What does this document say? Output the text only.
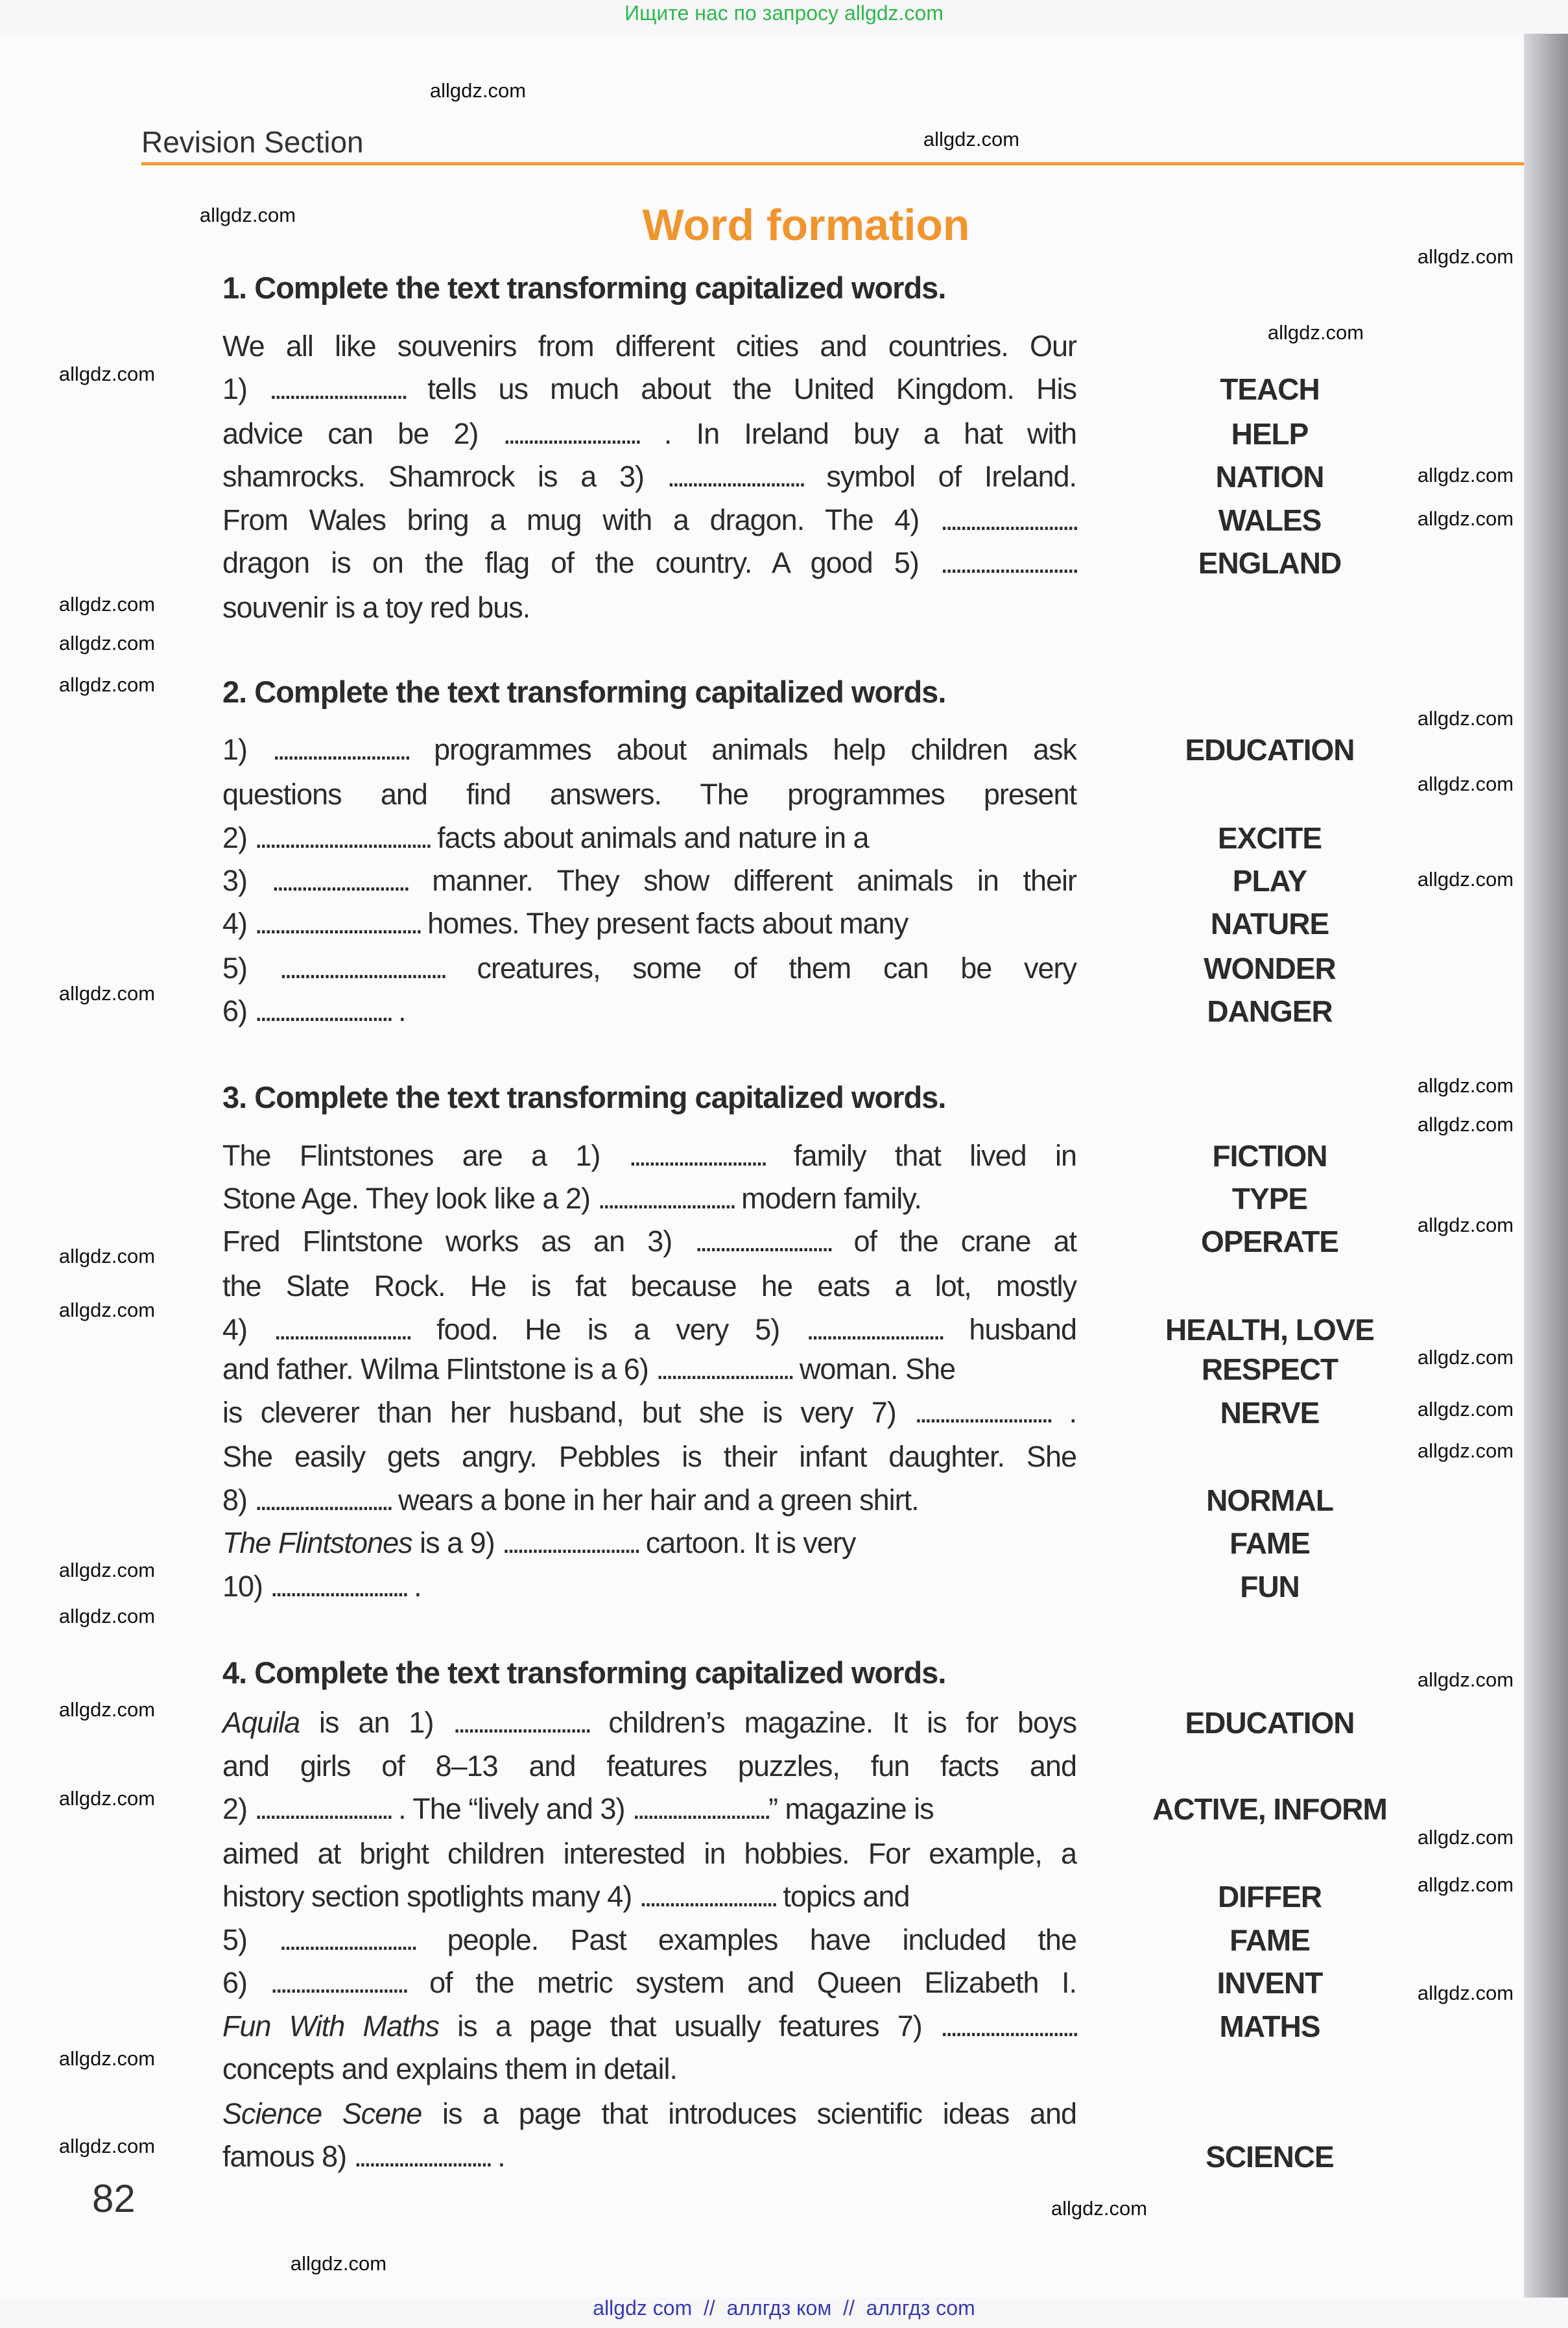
Ищите нас по запросу allgdz.com
Revision Section
Word formation
1. Complete the text transforming capitalized words.
We all like souvenirs from different cities and countries. Our
1) ............................ tells us much about the United Kingdom. His	TEACH
advice can be 2) ............................ . In Ireland buy a hat with	HELP
shamrocks. Shamrock is a 3) ............................ symbol of Ireland.	NATION
From Wales bring a mug with a dragon. The 4) ............................	WALES
dragon is on the flag of the country. A good 5) ............................	ENGLAND
souvenir is a toy red bus.
2. Complete the text transforming capitalized words.
1) ............................ programmes about animals help children ask	EDUCATION
questions and find answers. The programmes present
2) .................................... facts about animals and nature in a	EXCITE
3) ............................ manner. They show different animals in their	PLAY
4) .................................. homes. They present facts about many	NATURE
5) .................................. creatures, some of them can be very	WONDER
6) ............................ .	DANGER
3. Complete the text transforming capitalized words.
The Flintstones are a 1) ............................ family that lived in	FICTION
Stone Age. They look like a 2) ............................ modern family.	TYPE
Fred Flintstone works as an 3) ............................ of the crane at	OPERATE
the Slate Rock. He is fat because he eats a lot, mostly
4) ............................ food. He is a very 5) ............................ husband	HEALTH, LOVE
and father. Wilma Flintstone is a 6) ............................ woman. She	RESPECT
is cleverer than her husband, but she is very 7) ............................ .	NERVE
She easily gets angry. Pebbles is their infant daughter. She
8) ............................ wears a bone in her hair and a green shirt.	NORMAL
The Flintstones is a 9) ............................ cartoon. It is very	FAME
10) ............................ .	FUN
4. Complete the text transforming capitalized words.
Aquila is an 1) ............................ children’s magazine. It is for boys	EDUCATION
and girls of 8–13 and features puzzles, fun facts and
2) ............................ . The “lively and 3) ............................” magazine is	ACTIVE, INFORM
aimed at bright children interested in hobbies. For example, a
history section spotlights many 4) ............................ topics and	DIFFER
5) ............................ people. Past examples have included the	FAME
6) ............................ of the metric system and Queen Elizabeth I.	INVENT
Fun With Maths is a page that usually features 7) ............................	MATHS
concepts and explains them in detail.
Science Scene is a page that introduces scientific ideas and
famous 8) ............................ .	SCIENCE
allgdz.com
allgdz.com
allgdz.com
allgdz.com
allgdz.com
allgdz.com
allgdz.com
allgdz.com
allgdz.com
allgdz.com
allgdz.com
allgdz.com
allgdz.com
allgdz.com
allgdz.com
allgdz.com
allgdz.com
allgdz.com
allgdz.com
allgdz.com
allgdz.com
allgdz.com
allgdz.com
allgdz.com
allgdz.com
allgdz.com
allgdz.com
allgdz.com
allgdz.com
allgdz.com
allgdz.com
allgdz.com
allgdz.com
allgdz.com
allgdz.com
82
allgdz com  //  аллгдз ком  //  аллгдз com
